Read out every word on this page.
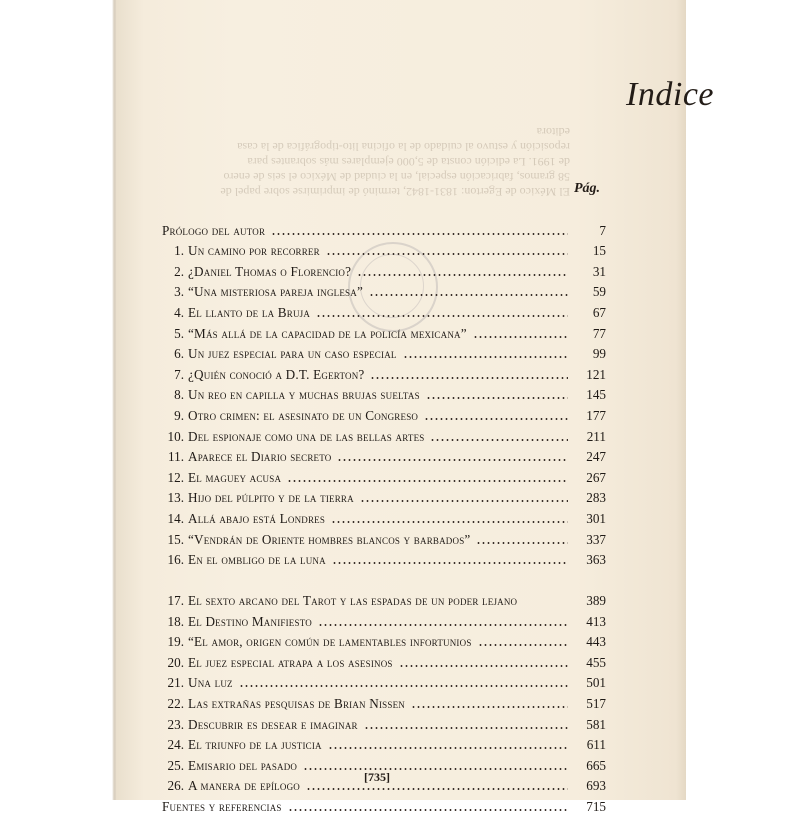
El México de Egerton: 1831-1842, terminó de imprimirse sobre papel de 58 gramos, fabricación especial, en la ciudad de México el seis de enero de 1991. La edición consta de 5,000 ejemplares más sobrantes para reposición y estuvo al cuidado de la oficina lito-tipográfica de la casa editora
Indice
Pág.
Prólogo del autor	7
1. Un camino por recorrer	15
2. ¿Daniel Thomas o Florencio?	31
3. “Una misteriosa pareja inglesa”	59
4. El llanto de la Bruja	67
5. “Más allá de la capacidad de la policía mexicana”	77
6. Un juez especial para un caso especial	99
7. ¿Quién conoció a D.T. Egerton?	121
8. Un reo en capilla y muchas brujas sueltas	145
9. Otro crimen: el asesinato de un Congreso	177
10. Del espionaje como una de las bellas artes	211
11. Aparece el Diario secreto	247
12. El maguey acusa	267
13. Hijo del púlpito y de la tierra	283
14. Allá abajo está Londres	301
15. “Vendrán de Oriente hombres blancos y barbados”	337
16. En el ombligo de la luna	363
17. El sexto arcano del Tarot y las espadas de un poder lejano	389
18. El Destino Manifiesto	413
19. “El amor, origen común de lamentables infortunios	443
20. El juez especial atrapa a los asesinos	455
21. Una luz	501
22. Las extrañas pesquisas de Brian Nissen	517
23. Descubrir es desear e imaginar	581
24. El triunfo de la justicia	611
25. Emisario del pasado	665
26. A manera de epílogo	693
Fuentes y referencias	715
[735]
